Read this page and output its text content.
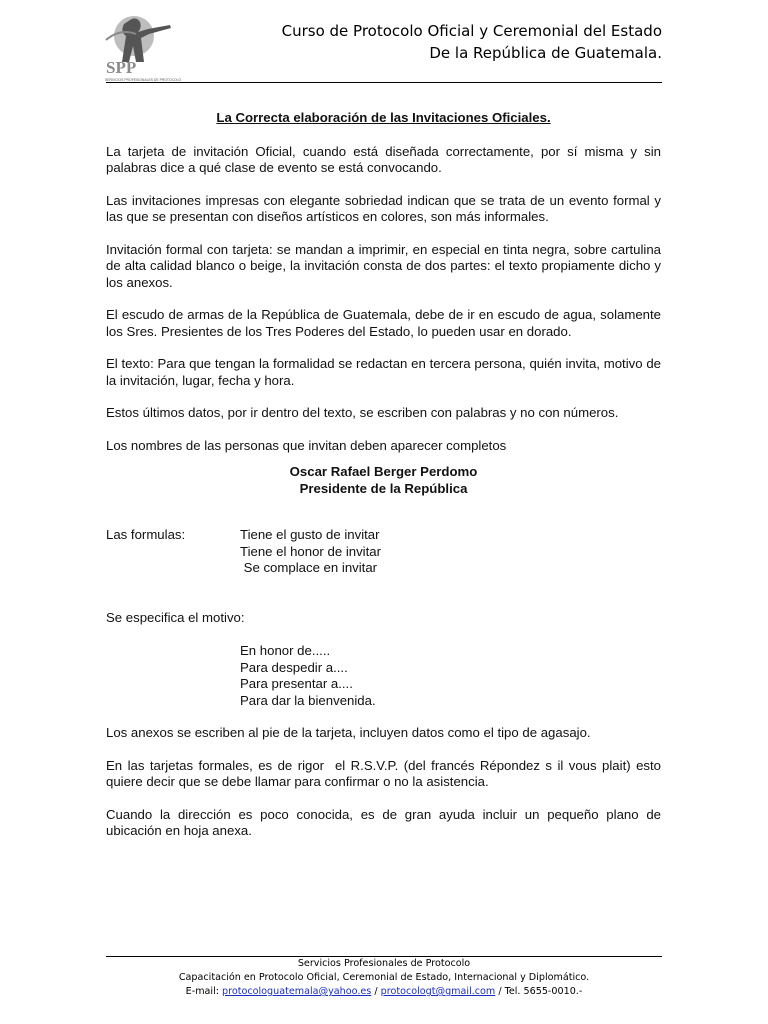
SPP
SERVICIOS PROFESIONALES DE PROTOCOLO
Curso de Protocolo Oficial y Ceremonial del Estado
De la República de Guatemala.
La Correcta elaboración de las Invitaciones Oficiales.

La tarjeta de invitación Oficial, cuando está diseñada correctamente, por sí misma y sin palabras dice a qué clase de evento se está convocando.

Las invitaciones impresas con elegante sobriedad indican que se trata de un evento formal y las que se presentan con diseños artísticos en colores, son más informales.

Invitación formal con tarjeta: se mandan a imprimir, en especial en tinta negra, sobre cartulina de alta calidad blanco o beige, la invitación consta de dos partes: el texto propiamente dicho y los anexos.

El escudo de armas de la República de Guatemala, debe de ir en escudo de agua, solamente los Sres. Presientes de los Tres Poderes del Estado, lo pueden usar en dorado.

El texto: Para que tengan la formalidad se redactan en tercera persona, quién invita, motivo de la invitación, lugar, fecha y hora.

Estos últimos datos, por ir dentro del texto, se escriben con palabras y no con números.

Los nombres de las personas que invitan deben aparecer completos

Oscar Rafael Berger Perdomo
Presidente de la República
Las formulas:	Tiene el gusto de invitar
Tiene el honor de invitar
Se complace en invitar
Se especifica el motivo:
En honor de.....
Para despedir a....
Para presentar a....
Para dar la bienvenida.

Los anexos se escriben al pie de la tarjeta, incluyen datos como el tipo de agasajo.

En las tarjetas formales, es de rigor  el R.S.V.P. (del francés Répondez s il vous plait) esto quiere decir que se debe llamar para confirmar o no la asistencia.

Cuando la dirección es poco conocida, es de gran ayuda incluir un pequeño plano de ubicación en hoja anexa.

Servicios Profesionales de Protocolo
Capacitación en Protocolo Oficial, Ceremonial de Estado, Internacional y Diplomático.
E-mail: protocologuatemala@yahoo.es / protocologt@gmail.com / Tel. 5655-0010.-
